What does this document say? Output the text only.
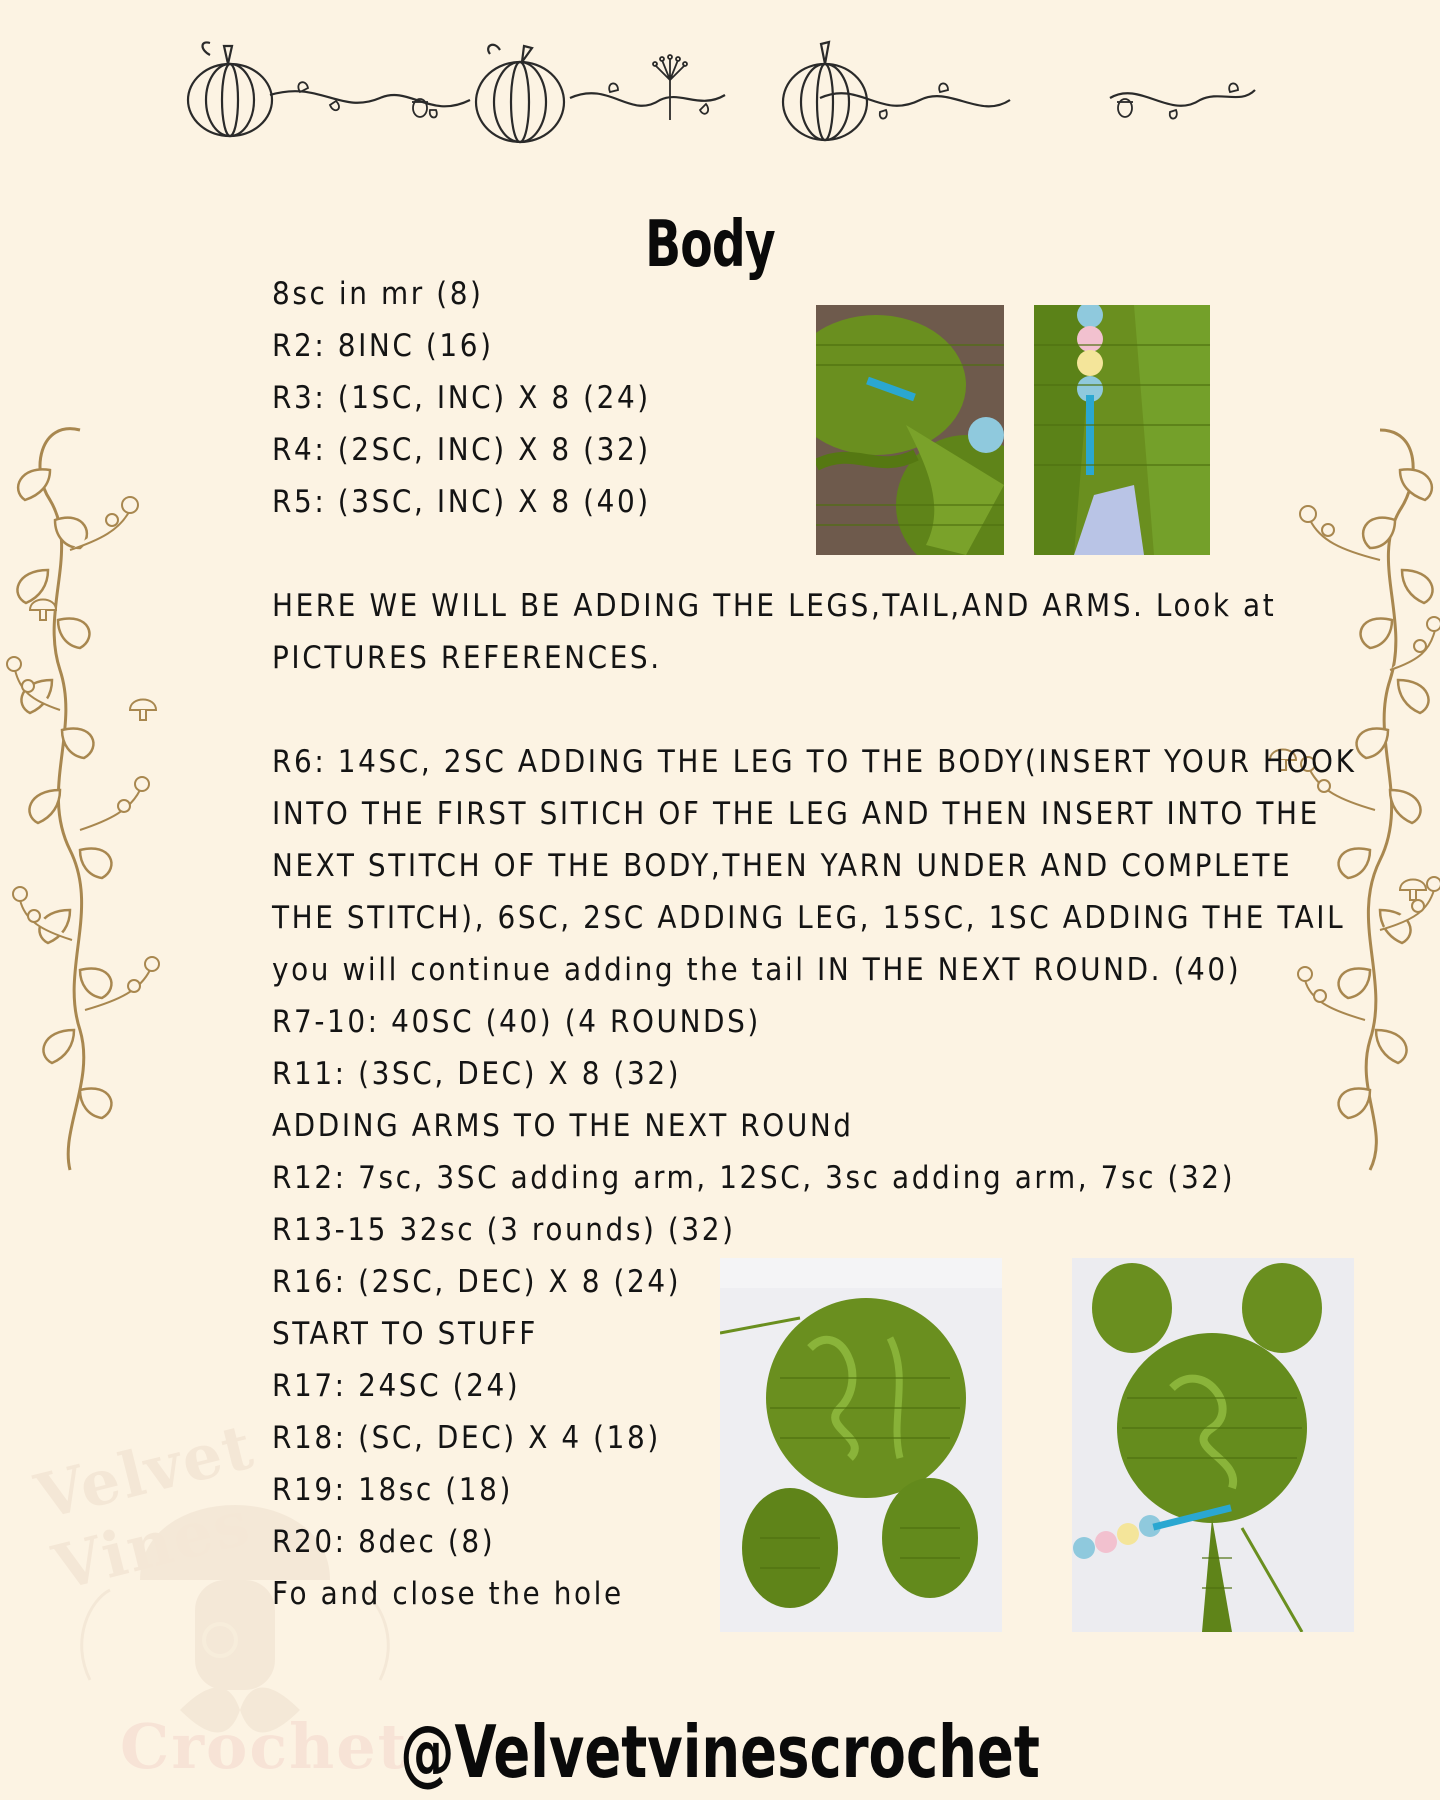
Velvet Vines
Crochet
Body
8sc in mr (8)
R2: 8INC (16)
R3: (1SC, INC) X 8 (24)
R4: (2SC, INC) X 8 (32)
R5: (3SC, INC) X 8 (40)
HERE WE WILL BE ADDING THE LEGS,TAIL,AND ARMS. Look at
PICTURES REFERENCES.
R6: 14SC, 2SC ADDING THE LEG TO THE BODY(INSERT YOUR HOOK
INTO THE FIRST SITICH OF THE LEG AND THEN INSERT INTO THE
NEXT STITCH OF THE BODY,THEN YARN UNDER AND COMPLETE
THE STITCH), 6SC, 2SC ADDING LEG, 15SC, 1SC ADDING THE TAIL
you will continue adding the tail IN THE NEXT ROUND. (40)
R7-10: 40SC (40) (4 ROUNDS)
R11: (3SC, DEC) X 8 (32)
ADDING ARMS TO THE NEXT ROUNd
R12: 7sc, 3SC adding arm, 12SC, 3sc adding arm, 7sc (32)
R13-15 32sc (3 rounds) (32)
R16: (2SC, DEC) X 8 (24)
START TO STUFF
R17: 24SC (24)
R18: (SC, DEC) X 4 (18)
R19: 18sc (18)
R20: 8dec (8)
Fo and close the hole
@Velvetvinescrochet
